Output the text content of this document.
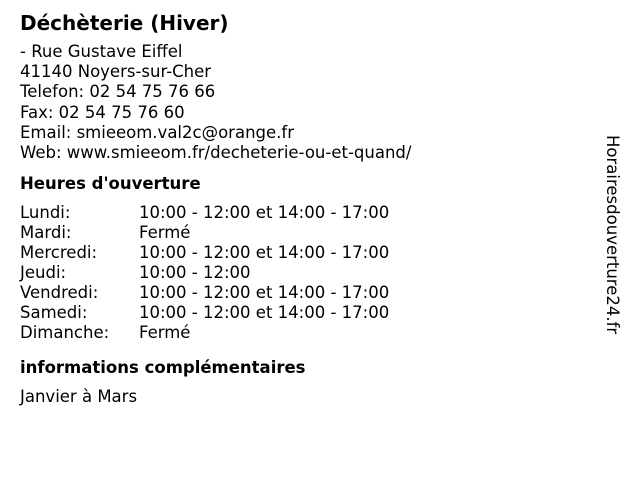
Déchèterie (Hiver)
- Rue Gustave Eiffel
41140 Noyers-sur-Cher
Telefon: 02 54 75 76 66
Fax: 02 54 75 76 60
Email: smieeom.val2c@orange.fr
Web: www.smieeom.fr/decheterie-ou-et-quand/
Heures d'ouverture
Lundi:	10:00 - 12:00 et 14:00 - 17:00
Mardi:	Fermé
Mercredi:	10:00 - 12:00 et 14:00 - 17:00
Jeudi:	10:00 - 12:00
Vendredi:	10:00 - 12:00 et 14:00 - 17:00
Samedi:	10:00 - 12:00 et 14:00 - 17:00
Dimanche:	Fermé
informations complémentaires
Janvier à Mars
Horairesdouverture24.fr
